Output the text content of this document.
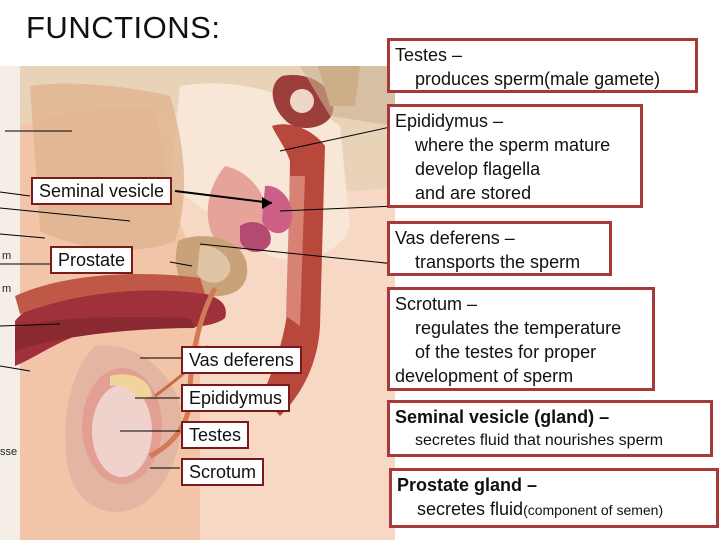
FUNCTIONS:
Seminal vesicle
Prostate
Vas deferens
Epididymus
Testes
Scrotum
m
m
sse
Testes –
produces sperm(male gamete)
Epididymus –
where the sperm mature
develop flagella
and are stored
Vas deferens –
transports the sperm
Scrotum –
regulates the temperature
of the testes for proper
development of sperm
Seminal vesicle (gland) –
secretes fluid that nourishes sperm
Prostate gland –
secretes fluid(component of semen)
